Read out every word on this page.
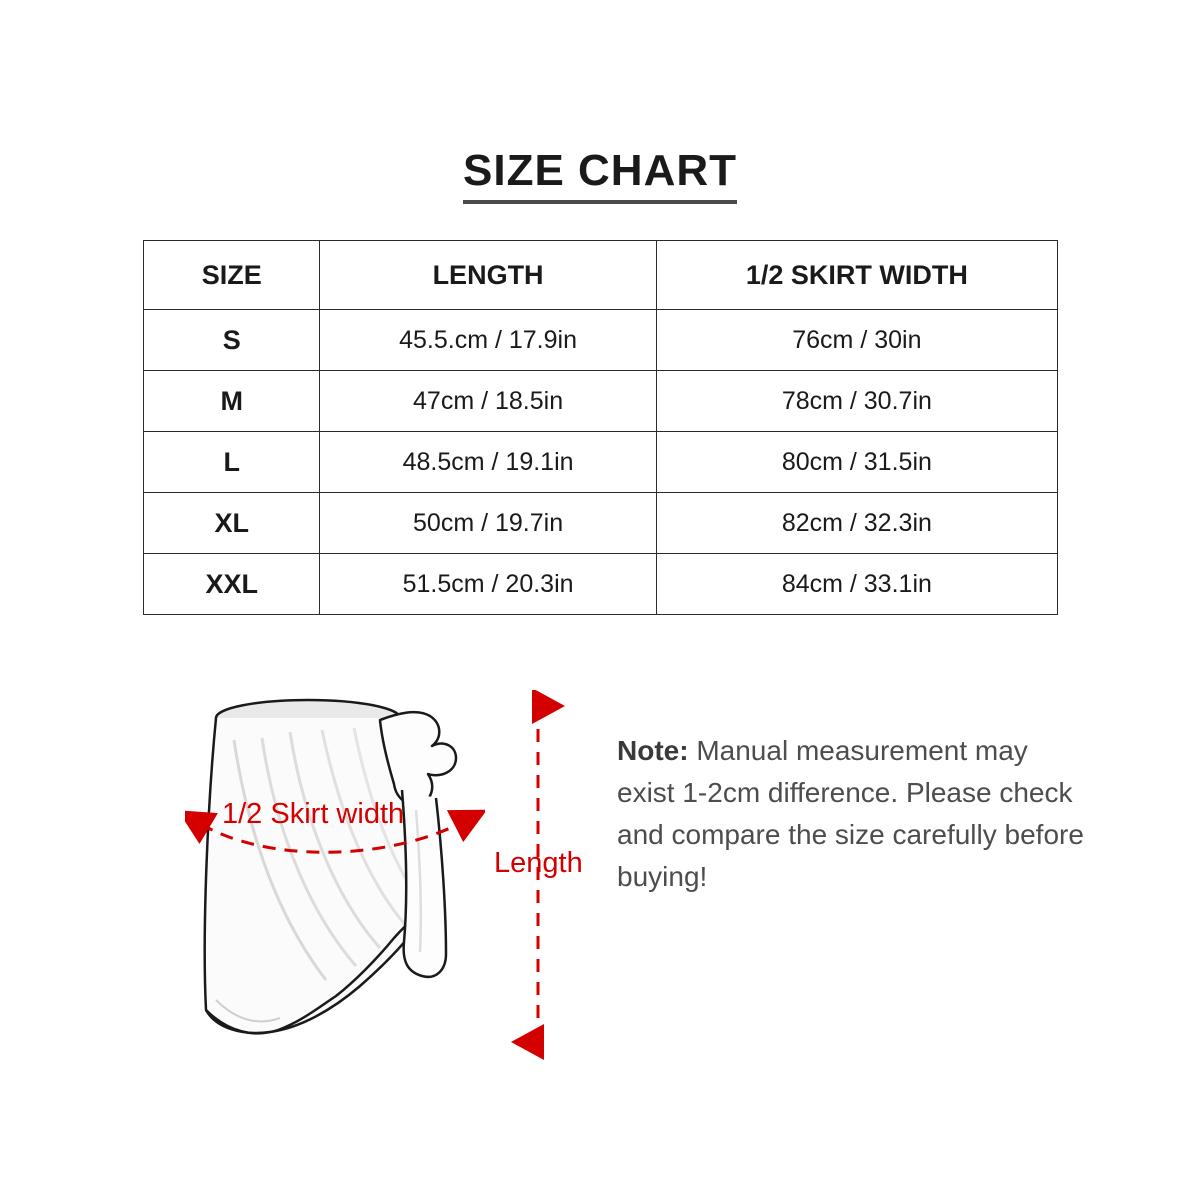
SIZE CHART
SIZE	LENGTH	1/2 SKIRT WIDTH
S	45.5.cm / 17.9in	76cm / 30in
M	47cm / 18.5in	78cm / 30.7in
L	48.5cm / 19.1in	80cm / 31.5in
XL	50cm / 19.7in	82cm / 32.3in
XXL	51.5cm / 20.3in	84cm / 33.1in
1/2 Skirt width
Length
Note: Manual measurement may exist 1-2cm difference. Please check and compare the size carefully before buying!
